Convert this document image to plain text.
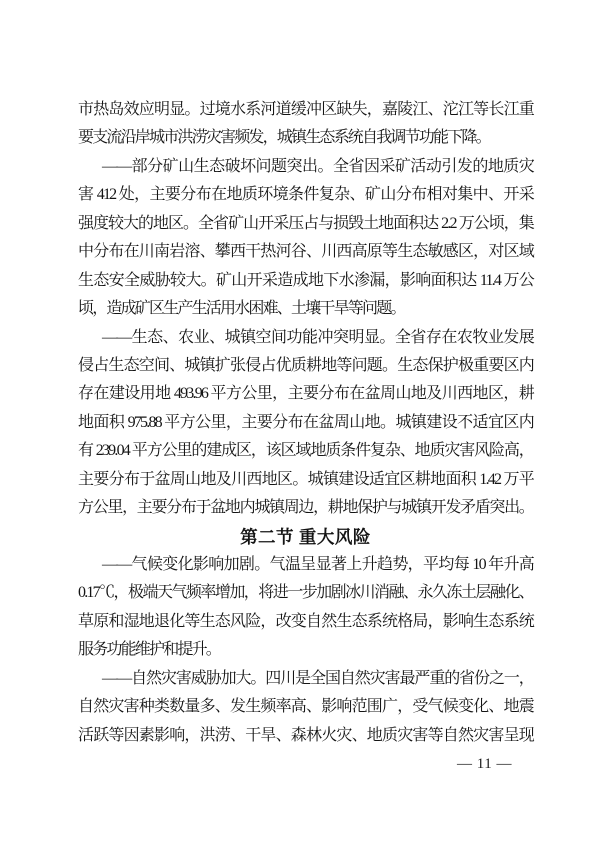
市热岛效应明显。过境水系河道缓冲区缺失，嘉陵江、沱江等长江重
要支流沿岸城市洪涝灾害频发，城镇生态系统自我调节功能下降。
——部分矿山生态破坏问题突出。全省因采矿活动引发的地质灾
害 412 处，主要分布在地质环境条件复杂、矿山分布相对集中、开采
强度较大的地区。全省矿山开采压占与损毁土地面积达 2.2 万公顷，集
中分布在川南岩溶、攀西干热河谷、川西高原等生态敏感区，对区域
生态安全威胁较大。矿山开采造成地下水渗漏，影响面积达 11.4 万公
顷，造成矿区生产生活用水困难、土壤干旱等问题。
——生态、农业、城镇空间功能冲突明显。全省存在农牧业发展
侵占生态空间、城镇扩张侵占优质耕地等问题。生态保护极重要区内
存在建设用地 493.96 平方公里，主要分布在盆周山地及川西地区，耕
地面积 975.88 平方公里，主要分布在盆周山地。城镇建设不适宜区内
有 239.04 平方公里的建成区，该区域地质条件复杂、地质灾害风险高，
主要分布于盆周山地及川西地区。城镇建设适宜区耕地面积 1.42 万平
方公里，主要分布于盆地内城镇周边，耕地保护与城镇开发矛盾突出。
第二节 重大风险
——气候变化影响加剧。气温呈显著上升趋势，平均每 10 年升高
0.17℃，极端天气频率增加，将进一步加剧冰川消融、永久冻土层融化、
草原和湿地退化等生态风险，改变自然生态系统格局，影响生态系统
服务功能维护和提升。
——自然灾害威胁加大。四川是全国自然灾害最严重的省份之一，
自然灾害种类数量多、发生频率高、影响范围广，受气候变化、地震
活跃等因素影响，洪涝、干旱、森林火灾、地质灾害等自然灾害呈现
— 11 —
